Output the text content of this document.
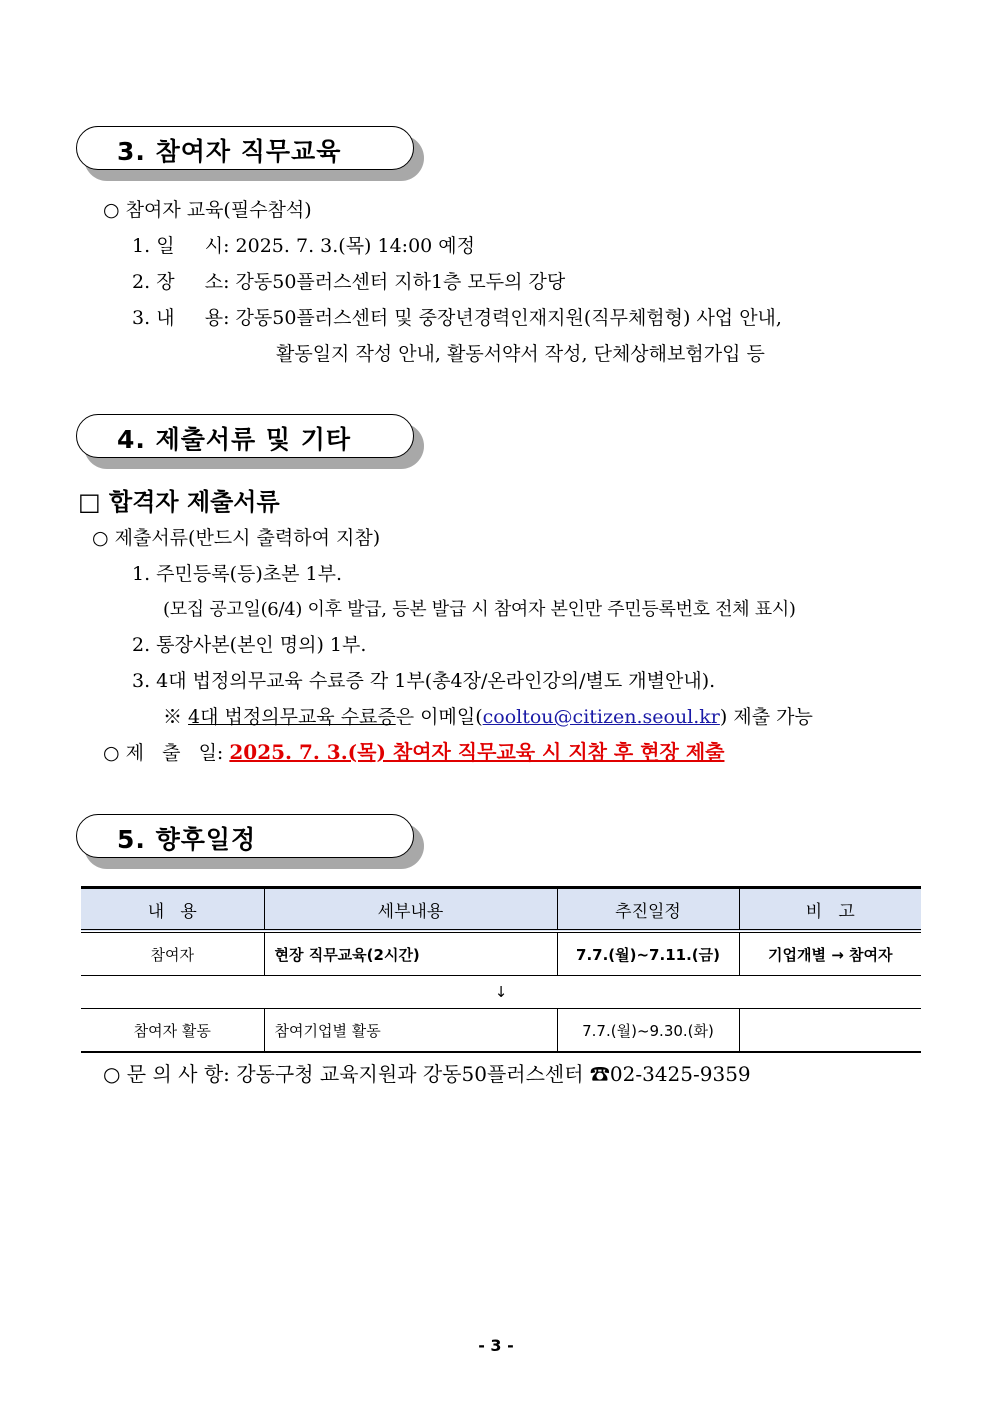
3. 참여자 직무교육
○ 참여자 교육(필수참석)
1. 일     시: 2025. 7. 3.(목) 14:00 예정
2. 장     소: 강동50플러스센터 지하1층 모두의 강당
3. 내     용: 강동50플러스센터 및 중장년경력인재지원(직무체험형) 사업 안내,
활동일지 작성 안내, 활동서약서 작성, 단체상해보험가입 등
4. 제출서류 및 기타
□ 합격자 제출서류
○ 제출서류(반드시 출력하여 지참)
1. 주민등록(등)초본 1부.
(모집 공고일(6/4) 이후 발급, 등본 발급 시 참여자 본인만 주민등록번호 전체 표시)
2. 통장사본(본인 명의) 1부.
3. 4대 법정의무교육 수료증 각 1부(총4장/온라인강의/별도 개별안내).
※ 4대 법정의무교육 수료증은 이메일(cooltou@citizen.seoul.kr) 제출 가능
○ 제   출   일: 2025. 7. 3.(목) 참여자 직무교육 시 지참 후 현장 제출
5. 향후일정
내   용	세부내용	추진일정	비   고
참여자	현장 직무교육(2시간)	7.7.(월)~7.11.(금)	기업개별 → 참여자
↓			
참여자 활동	참여기업별 활동	7.7.(월)~9.30.(화)	
○ 문 의 사 항: 강동구청 교육지원과 강동50플러스센터 ☎02-3425-9359
- 3 -
